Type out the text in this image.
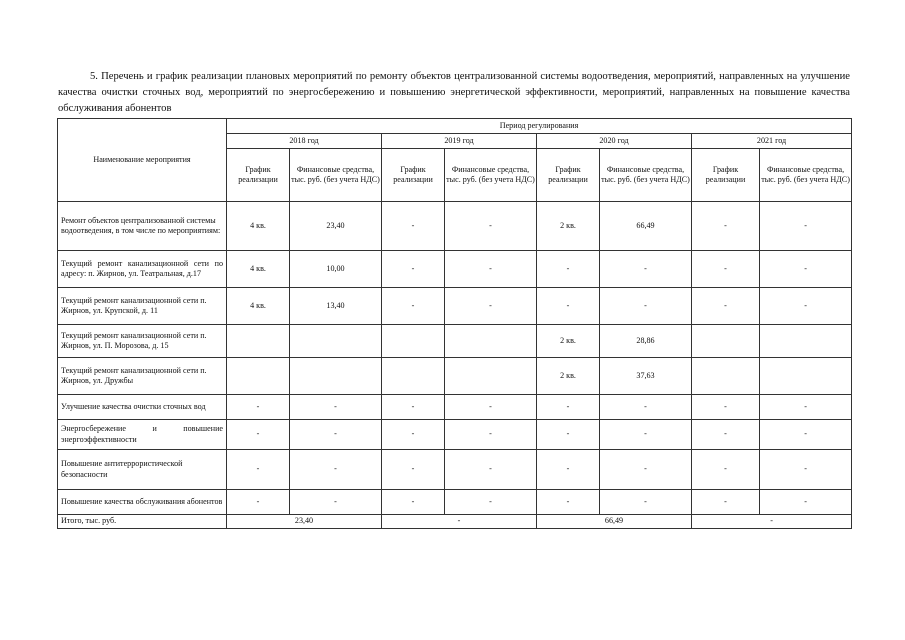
5. Перечень и график реализации плановых мероприятий по ремонту объектов централизованной системы водоотведения, мероприятий, направленных на улучшение качества очистки сточных вод, мероприятий по энергосбережению и повышению энергетической эффективности, мероприятий, направленных на повышение качества обслуживания абонентов
Наименование мероприятия	Период регулирования							
	2018 год		2019 год		2020 год		2021 год	
	График реализации	Финансовые средства, тыс. руб. (без учета НДС)	График реализации	Финансовые средства, тыс. руб. (без учета НДС)	График реализации	Финансовые средства, тыс. руб. (без учета НДС)	График реализации	Финансовые средства, тыс. руб. (без учета НДС)
Ремонт объектов централизованной системы водоотведения, в том числе по мероприятиям:	4 кв.	23,40	-	-	2 кв.	66,49	-	-
Текущий ремонт канализационной сети по адресу: п. Жирнов, ул. Театральная, д.17	4 кв.	10,00	-	-	-	-	-	-
Текущий ремонт канализационной сети п. Жирнов, ул. Крупской, д. 11	4 кв.	13,40	-	-	-	-	-	-
Текущий ремонт канализационной сети п. Жирнов, ул. П. Морозова, д. 15					2 кв.	28,86		
Текущий ремонт канализационной сети п. Жирнов, ул. Дружбы					2 кв.	37,63		
Улучшение качества очистки сточных вод	-	-	-	-	-	-	-	-
Энергосбережение и повышение энергоэффективности	-	-	-	-	-	-	-	-
Повышение антитеррористической безопасности	-	-	-	-	-	-	-	-
Повышение качества обслуживания абонентов	-	-	-	-	-	-	-	-
Итого, тыс. руб.	23,40		-		66,49		-	
